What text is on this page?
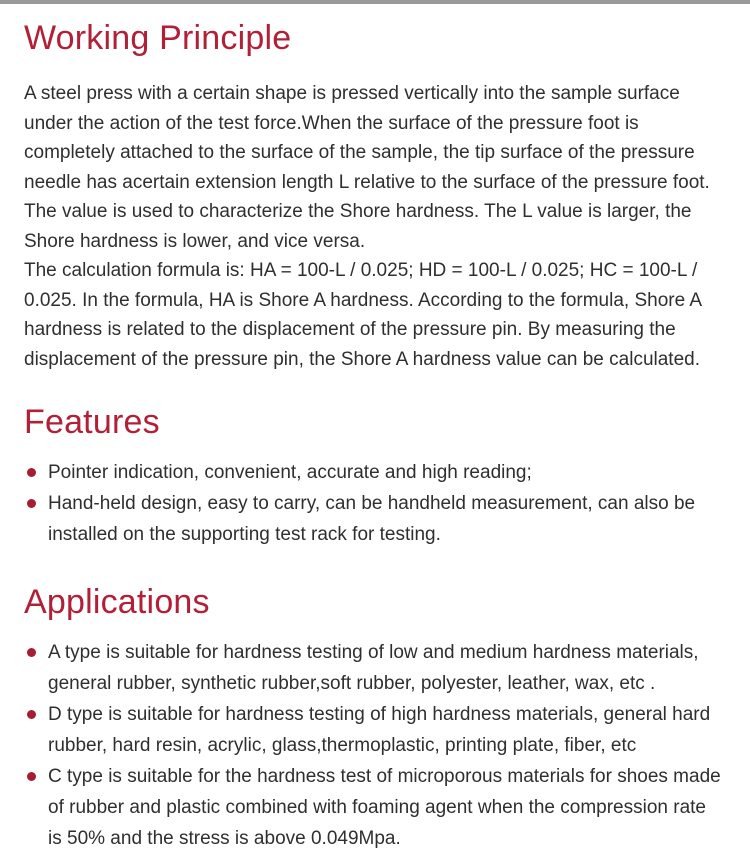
Working Principle

A steel press with a certain shape is pressed vertically into the sample surface under the action of the test force.When the surface of the pressure foot is completely attached to the surface of the sample, the tip surface of the pressure needle has acertain extension length L relative to the surface of the pressure foot. The value is used to characterize the Shore hardness. The L value is larger, the Shore hardness is lower, and vice versa.

The calculation formula is: HA = 100-L / 0.025; HD = 100-L / 0.025; HC = 100-L / 0.025. In the formula, HA is Shore A hardness. According to the formula, Shore A hardness is related to the displacement of the pressure pin. By measuring the displacement of the pressure pin, the Shore A hardness value can be calculated.

Features
Pointer indication, convenient, accurate and high reading;
Hand-held design, easy to carry, can be handheld measurement, can also be installed on the supporting test rack for testing.
Applications
A type is suitable for hardness testing of low and medium hardness materials, general rubber, synthetic rubber,soft rubber, polyester, leather, wax, etc .
D type is suitable for hardness testing of high hardness materials, general hard rubber, hard resin, acrylic, glass,thermoplastic, printing plate, fiber, etc
C type is suitable for the hardness test of microporous materials for shoes made of rubber and plastic combined with foaming agent when the compression rate is 50% and the stress is above 0.049Mpa.
